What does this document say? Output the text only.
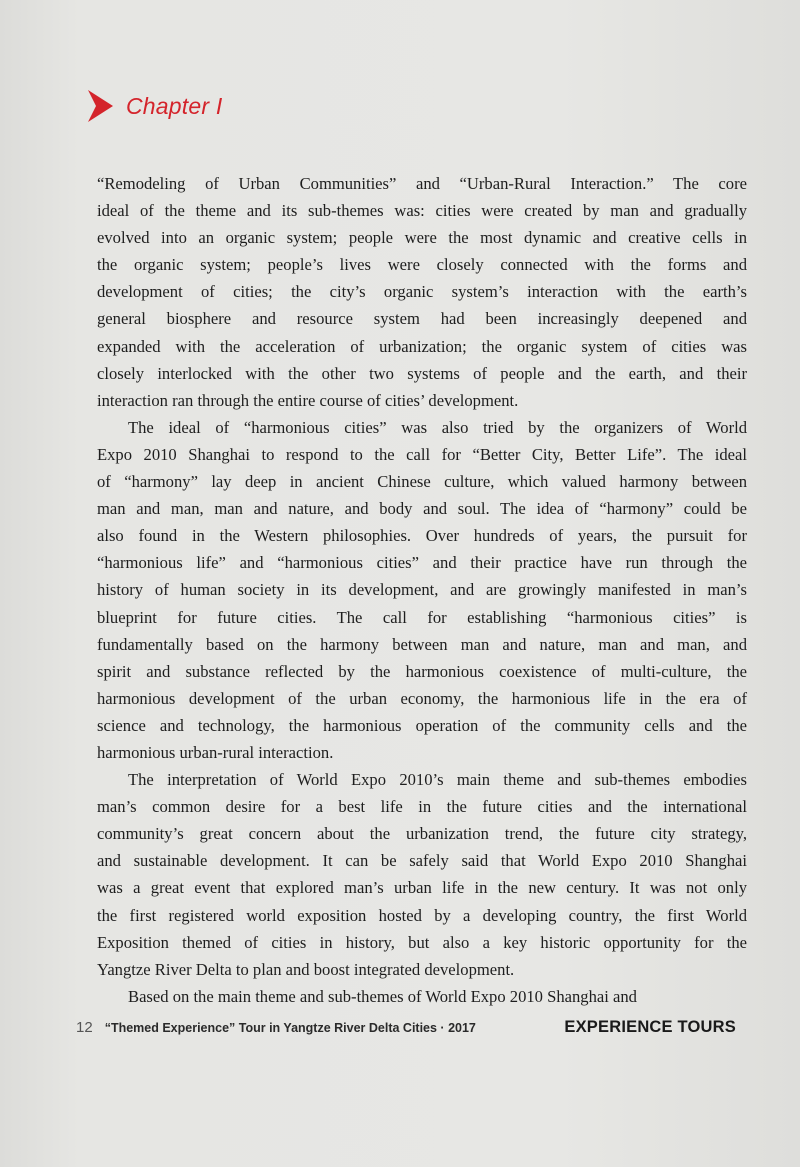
Chapter I
“Remodeling of Urban Communities” and “Urban-Rural Interaction.” The core
ideal of the theme and its sub-themes was: cities were created by man and gradually
evolved into an organic system; people were the most dynamic and creative cells in
the organic system; people’s lives were closely connected with the forms and
development of cities; the city’s organic system’s interaction with the earth’s
general biosphere and resource system had been increasingly deepened and
expanded with the acceleration of urbanization; the organic system of cities was
closely interlocked with the other two systems of people and the earth, and their
interaction ran through the entire course of cities’ development.
The ideal of “harmonious cities” was also tried by the organizers of World
Expo 2010 Shanghai to respond to the call for “Better City, Better Life”. The ideal
of “harmony” lay deep in ancient Chinese culture, which valued harmony between
man and man, man and nature, and body and soul. The idea of “harmony” could be
also found in the Western philosophies. Over hundreds of years, the pursuit for
“harmonious life” and “harmonious cities” and their practice have run through the
history of human society in its development, and are growingly manifested in man’s
blueprint for future cities. The call for establishing “harmonious cities” is
fundamentally based on the harmony between man and nature, man and man, and
spirit and substance reflected by the harmonious coexistence of multi-culture, the
harmonious development of the urban economy, the harmonious life in the era of
science and technology, the harmonious operation of the community cells and the
harmonious urban-rural interaction.
The interpretation of World Expo 2010’s main theme and sub-themes embodies
man’s common desire for a best life in the future cities and the international
community’s great concern about the urbanization trend, the future city strategy,
and sustainable development. It can be safely said that World Expo 2010 Shanghai
was a great event that explored man’s urban life in the new century. It was not only
the first registered world exposition hosted by a developing country, the first World
Exposition themed of cities in history, but also a key historic opportunity for the
Yangtze River Delta to plan and boost integrated development.
Based on the main theme and sub-themes of World Expo 2010 Shanghai and
12 “Themed Experience” Tour in Yangtze River Delta Cities · 2017	EXPERIENCE TOURS
